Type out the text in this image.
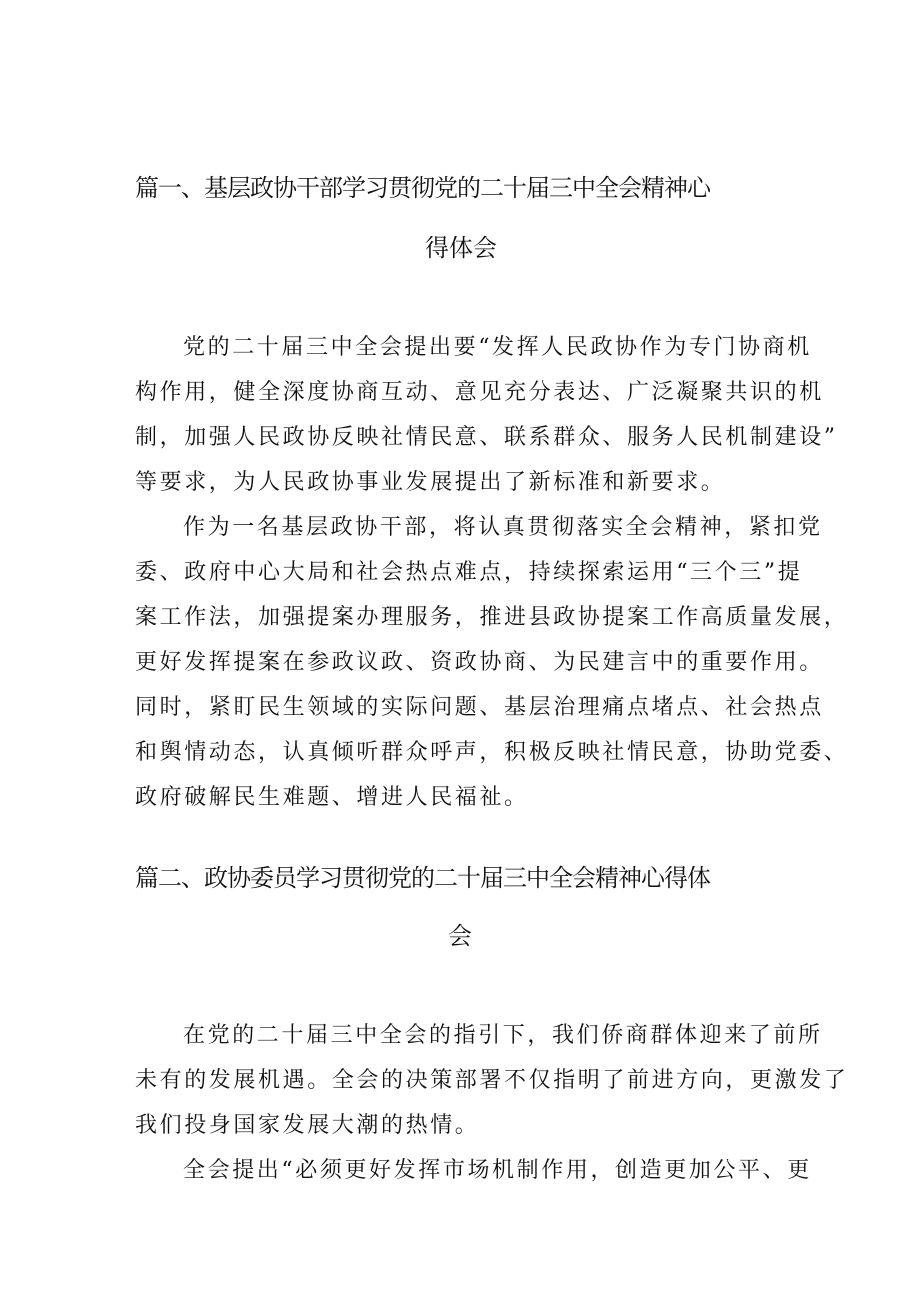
篇一、基层政协干部学习贯彻党的二十届三中全会精神心
得体会
党的二十届三中全会提出要“发挥人民政协作为专门协商机
构作用，健全深度协商互动、意见充分表达、广泛凝聚共识的机
制，加强人民政协反映社情民意、联系群众、服务人民机制建设”
等要求，为人民政协事业发展提出了新标准和新要求。
作为一名基层政协干部，将认真贯彻落实全会精神，紧扣党
委、政府中心大局和社会热点难点，持续探索运用“三个三”提
案工作法，加强提案办理服务，推进县政协提案工作高质量发展，
更好发挥提案在参政议政、资政协商、为民建言中的重要作用。
同时，紧盯民生领域的实际问题、基层治理痛点堵点、社会热点
和舆情动态，认真倾听群众呼声，积极反映社情民意，协助党委、
政府破解民生难题、增进人民福祉。
篇二、政协委员学习贯彻党的二十届三中全会精神心得体
会
在党的二十届三中全会的指引下，我们侨商群体迎来了前所
未有的发展机遇。全会的决策部署不仅指明了前进方向，更激发了
我们投身国家发展大潮的热情。
全会提出“必须更好发挥市场机制作用，创造更加公平、更
